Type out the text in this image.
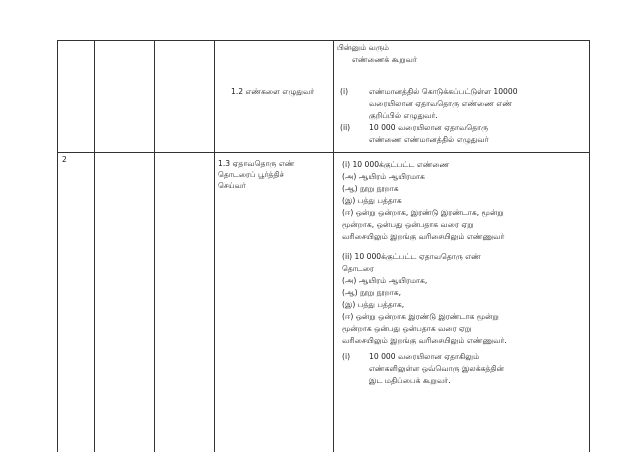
1.2 எண்களை எழுதுவர்
பின்னும் வரும்
எண்ணைக் கூறுவர்
(i)	எண்மானத்தில் கொடுக்கப்பட்டுள்ள 10000
வரையிலான ஏதாவதொரு எண்ணை எண்
குறிப்பில் எழுதுவர்.
(ii) 10 000 வரையிலான ஏதாவதொரு
எண்ணை எண்மானத்தில் எழுதுவர்
2	1.3 ஏதாவதொரு எண்
தொடரைப் பூர்த்திச்
செய்வர்
(i) 10 000க்குட்பட்ட எண்ணை
(அ) ஆயிரம் ஆயிரமாக
(ஆ) நூறு நூறாக
(இ) பத்து பத்தாக
(ஈ) ஒன்று ஒன்றாக, இரண்டு இரண்டாக, மூன்று
மூன்றாக, ஒன்பது ஒன்பதாக வரை ஏறு
வரிசையிலும் இறங்கு வரிசையிலும் எண்ணுவர்
(ii) 10 000க்குட்பட்ட ஏதாவதொரு எண்
தொடரை
(அ) ஆயிரம் ஆயிரமாக,
(ஆ) நூறு நூறாக,
(இ) பத்து பத்தாக,
(ஈ) ஒன்று ஒன்றாக இரண்டு இரண்டாக மூன்று
மூன்றாக ஒன்பது ஒன்பதாக வரை ஏறு
வரிசையிலும் இறங்கு வரிசையிலும் எண்ணுவர்.
(i) 10 000 வரையிலான ஏதாகிலும்
எண்களிலுள்ள ஒவ்வொரு இலக்கத்தின்
இட மதிப்பைக் கூறுவர்.
